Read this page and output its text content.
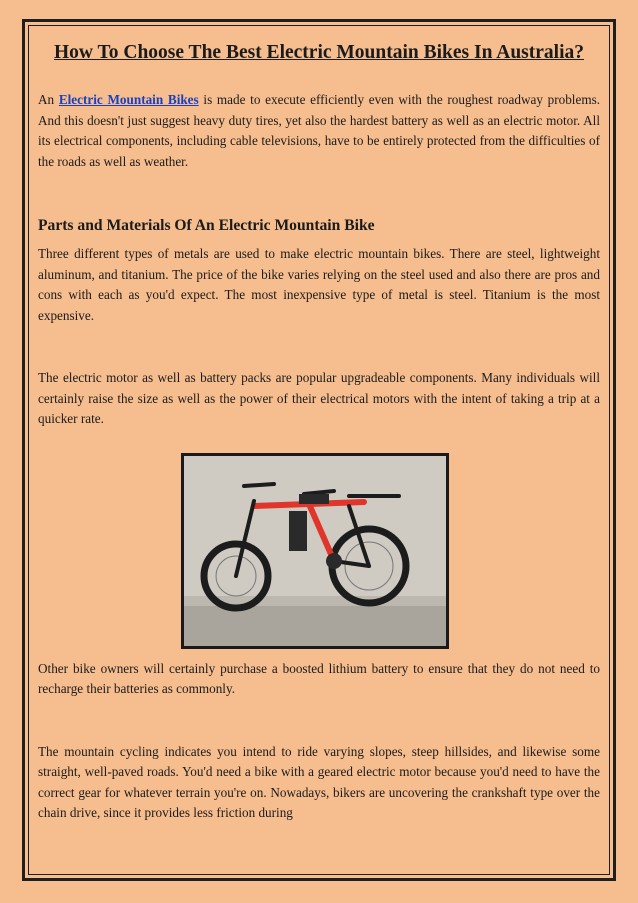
How To Choose The Best Electric Mountain Bikes In Australia?

An Electric Mountain Bikes is made to execute efficiently even with the roughest roadway problems. And this doesn't just suggest heavy duty tires, yet also the hardest battery as well as an electric motor. All its electrical components, including cable televisions, have to be entirely protected from the difficulties of the roads as well as weather.

Parts and Materials Of An Electric Mountain Bike

Three different types of metals are used to make electric mountain bikes. There are steel, lightweight aluminum, and titanium. The price of the bike varies relying on the steel used and also there are pros and cons with each as you'd expect. The most inexpensive type of metal is steel. Titanium is the most expensive.

The electric motor as well as battery packs are popular upgradeable components. Many individuals will certainly raise the size as well as the power of their electrical motors with the intent of taking a trip at a quicker rate.

Other bike owners will certainly purchase a boosted lithium battery to ensure that they do not need to recharge their batteries as commonly.

The mountain cycling indicates you intend to ride varying slopes, steep hillsides, and likewise some straight, well-paved roads. You'd need a bike with a geared electric motor because you'd need to have the correct gear for whatever terrain you're on. Nowadays, bikers are uncovering the crankshaft type over the chain drive, since it provides less friction during
